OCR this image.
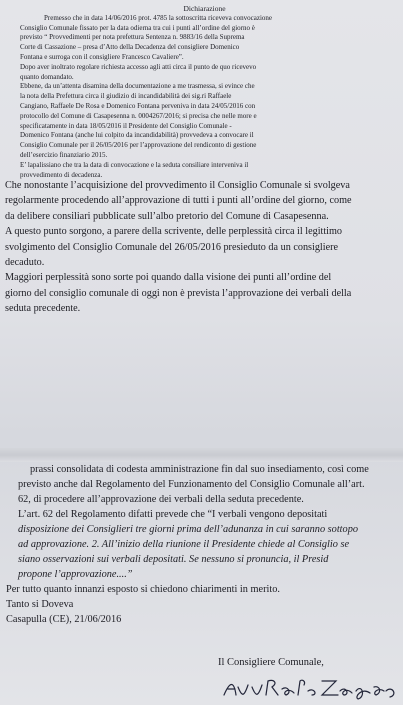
Dichiarazione
Premesso che in data 14/06/2016 prot. 4785 la sottoscritta riceveva convocazione
Consiglio Comunale fissato per la data odierna tra cui i punti all’ordine del giorno è
previsto “ Provvedimenti per nota prefettura Sentenza n. 9883/16 della Suprema
Corte di Cassazione – presa d’Atto della Decadenza del consigliere Domenico
Fontana e surroga con il consigliere Francesco Cavaliere”.
Dopo aver inoltrato regolare richiesta accesso agli atti circa il punto de quo ricevevo
quanto domandato.
Ebbene, da un’attenta disamina della documentazione a me trasmessa, si evince che
la nota della Prefettura circa il giudizio di incandidabilità dei sig.ri Raffaele
Cangiano, Raffaele De Rosa e Domenico Fontana perveniva in data 24/05/2016 con
protocollo del Comune di Casapesenna n. 0004267/2016; si precisa che nelle more e
specificatamente in data 18/05/2016 il Presidente del Consiglio Comunale -
Domenico Fontana (anche lui colpito da incandidabilità) provvedeva a convocare il
Consiglio Comunale per il 26/05/2016 per l’approvazione del rendiconto di gestione
dell’esercizio finanziario 2015.
E’ lapalissiano che tra la data di convocazione e la seduta consiliare interveniva il
provvedimento di decadenza.
Che nonostante l’acquisizione del provvedimento il Consiglio Comunale si svolgeva
regolarmente procedendo all’approvazione di tutti i punti all’ordine del giorno, come
da delibere consiliari pubblicate sull’albo pretorio del Comune di Casapesenna.
A questo punto sorgono, a parere della scrivente, delle perplessità circa il legittimo
svolgimento del Consiglio Comunale del 26/05/2016 presieduto da un consigliere
decaduto.
Maggiori perplessità sono sorte poi quando dalla visione dei punti all’ordine del
giorno del consiglio comunale di oggi non è prevista l’approvazione dei verbali della
seduta precedente.
prassi consolidata di codesta amministrazione fin dal suo insediamento, così come
previsto anche dal Regolamento del Funzionamento del Consiglio Comunale all’art.
62, di procedere all’approvazione dei verbali della seduta precedente.
L’art. 62 del Regolamento difatti prevede che “I verbali vengono depositati
disposizione dei Consiglieri tre giorni prima dell’adunanza in cui saranno sottopo
ad approvazione. 2. All’inizio della riunione il Presidente chiede al Consiglio se
siano osservazioni sui verbali depositati. Se nessuno si pronuncia, il Presid
propone l’approvazione....”
Per tutto quanto innanzi esposto si chiedono chiarimenti in merito.
Tanto si Doveva
Casapulla (CE), 21/06/2016
Il Consigliere Comunale,
